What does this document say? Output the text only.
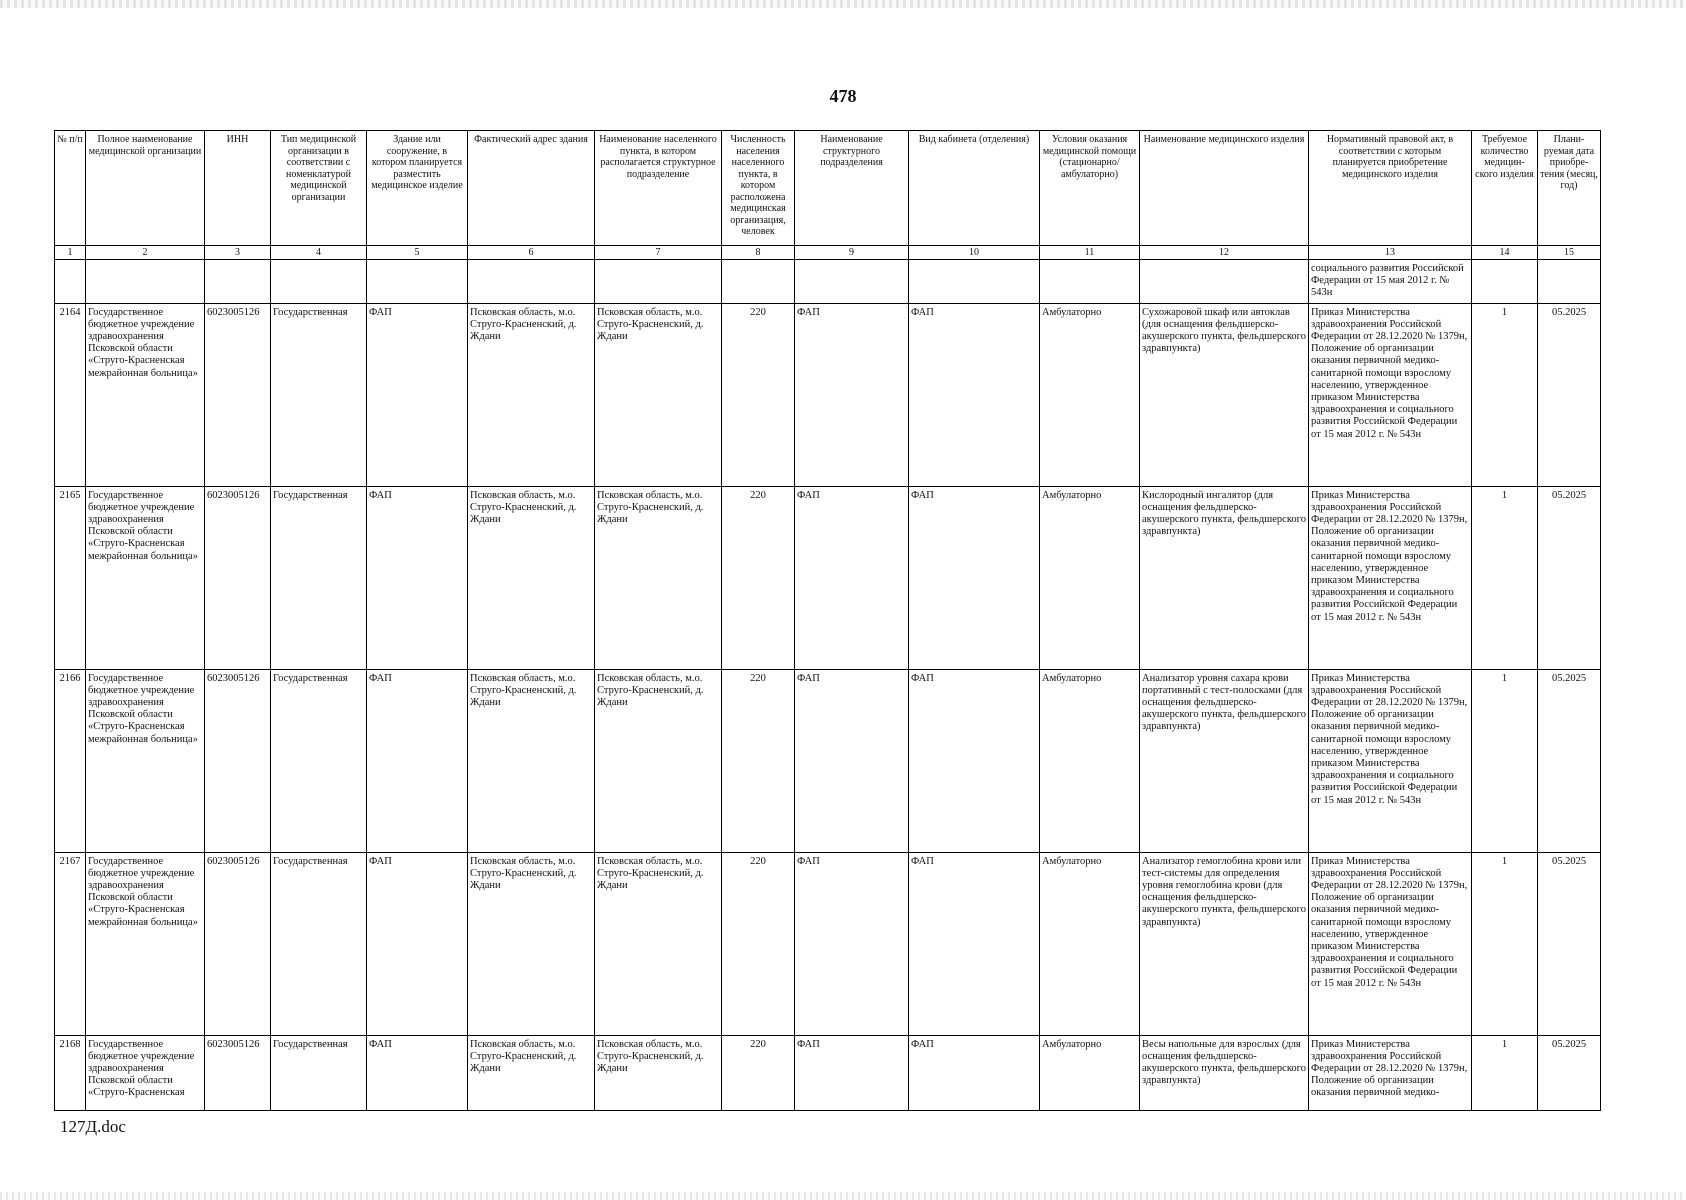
478
№ п/п	Полное наименование медицинской организации	ИНН	Тип медицинской организации в соответствии с номенклатурой медицинской организации	Здание или сооружение, в котором планируется разместить медицинское изделие	Фактический адрес здания	Наименование населенного пункта, в котором располагается структурное подразделение	Численность населения населенного пункта, в котором расположена медицинская организация, человек	Наименование структурного подразделения	Вид кабинета (отделения)	Условия оказания медицинской помощи (стационарно/ амбулаторно)	Наименование медицинского изделия	Нормативный правовой акт, в соответствии с которым планируется приобретение медицинского изделия	Требуемое количество медицин-ского изделия	Плани-руемая дата приобре-тения (месяц, год)
1	2	3	4	5	6	7	8	9	10	11	12	13	14	15
												социального развития Российской Федерации от 15 мая 2012 г. № 543н		
2164	Государственное бюджетное учреждение здравоохранения Псковской области «Струго-Красненская межрайонная больница»	6023005126	Государственная	ФАП	Псковская область, м.о. Струго-Красненский, д. Ждани	Псковская область, м.о. Струго-Красненский, д. Ждани	220	ФАП	ФАП	Амбулаторно	Сухожаровой шкаф или автоклав (для оснащения фельдшерско-акушерского пункта, фельдшерского здравпункта)	Приказ Министерства здравоохранения Российской Федерации от 28.12.2020 № 1379н, Положение об организации оказания первичной медико-санитарной помощи взрослому населению, утвержденное приказом Министерства здравоохранения и социального развития Российской Федерации от 15 мая 2012 г. № 543н	1	05.2025
2165	Государственное бюджетное учреждение здравоохранения Псковской области «Струго-Красненская межрайонная больница»	6023005126	Государственная	ФАП	Псковская область, м.о. Струго-Красненский, д. Ждани	Псковская область, м.о. Струго-Красненский, д. Ждани	220	ФАП	ФАП	Амбулаторно	Кислородный ингалятор (для оснащения фельдшерско-акушерского пункта, фельдшерского здравпункта)	Приказ Министерства здравоохранения Российской Федерации от 28.12.2020 № 1379н, Положение об организации оказания первичной медико-санитарной помощи взрослому населению, утвержденное приказом Министерства здравоохранения и социального развития Российской Федерации от 15 мая 2012 г. № 543н	1	05.2025
2166	Государственное бюджетное учреждение здравоохранения Псковской области «Струго-Красненская межрайонная больница»	6023005126	Государственная	ФАП	Псковская область, м.о. Струго-Красненский, д. Ждани	Псковская область, м.о. Струго-Красненский, д. Ждани	220	ФАП	ФАП	Амбулаторно	Анализатор уровня сахара крови портативный с тест-полосками (для оснащения фельдшерско-акушерского пункта, фельдшерского здравпункта)	Приказ Министерства здравоохранения Российской Федерации от 28.12.2020 № 1379н, Положение об организации оказания первичной медико-санитарной помощи взрослому населению, утвержденное приказом Министерства здравоохранения и социального развития Российской Федерации от 15 мая 2012 г. № 543н	1	05.2025
2167	Государственное бюджетное учреждение здравоохранения Псковской области «Струго-Красненская межрайонная больница»	6023005126	Государственная	ФАП	Псковская область, м.о. Струго-Красненский, д. Ждани	Псковская область, м.о. Струго-Красненский, д. Ждани	220	ФАП	ФАП	Амбулаторно	Анализатор гемоглобина крови или тест-системы для определения уровня гемоглобина крови (для оснащения фельдшерско-акушерского пункта, фельдшерского здравпункта)	Приказ Министерства здравоохранения Российской Федерации от 28.12.2020 № 1379н, Положение об организации оказания первичной медико-санитарной помощи взрослому населению, утвержденное приказом Министерства здравоохранения и социального развития Российской Федерации от 15 мая 2012 г. № 543н	1	05.2025
2168	Государственное бюджетное учреждение здравоохранения Псковской области «Струго-Красненская	6023005126	Государственная	ФАП	Псковская область, м.о. Струго-Красненский, д. Ждани	Псковская область, м.о. Струго-Красненский, д. Ждани	220	ФАП	ФАП	Амбулаторно	Весы напольные для взрослых (для оснащения фельдшерско-акушерского пункта, фельдшерского здравпункта)	Приказ Министерства здравоохранения Российской Федерации от 28.12.2020 № 1379н, Положение об организации оказания первичной медико-	1	05.2025
127Д.doc
